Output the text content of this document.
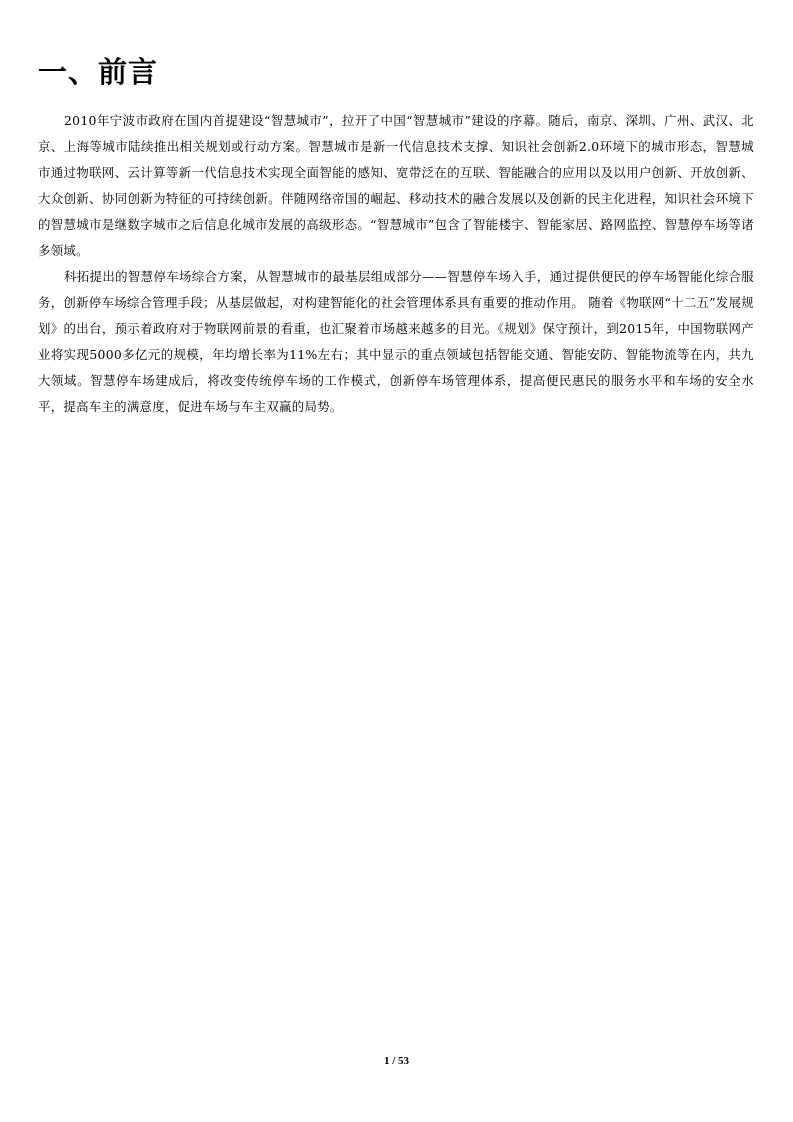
一、前言

2010年宁波市政府在国内首提建设“智慧城市”，拉开了中国“智慧城市”建设的序幕。随后，南京、深圳、广州、武汉、北京、上海等城市陆续推出相关规划或行动方案。智慧城市是新一代信息技术支撑、知识社会创新2.0环境下的城市形态，智慧城市通过物联网、云计算等新一代信息技术实现全面智能的感知、宽带泛在的互联、智能融合的应用以及以用户创新、开放创新、大众创新、协同创新为特征的可持续创新。伴随网络帝国的崛起、移动技术的融合发展以及创新的民主化进程，知识社会环境下的智慧城市是继数字城市之后信息化城市发展的高级形态。“智慧城市”包含了智能楼宇、智能家居、路网监控、智慧停车场等诸多领域。

科拓提出的智慧停车场综合方案，从智慧城市的最基层组成部分——智慧停车场入手，通过提供便民的停车场智能化综合服务，创新停车场综合管理手段；从基层做起，对构建智能化的社会管理体系具有重要的推动作用。 随着《物联网“十二五”发展规划》的出台，预示着政府对于物联网前景的看重，也汇聚着市场越来越多的目光。《规划》保守预计，到2015年，中国物联网产业将实现5000多亿元的规模，年均增长率为11%左右；其中显示的重点领域包括智能交通、智能安防、智能物流等在内，共九大领域。智慧停车场建成后，将改变传统停车场的工作模式，创新停车场管理体系，提高便民惠民的服务水平和车场的安全水平，提高车主的满意度，促进车场与车主双赢的局势。

1 / 53
